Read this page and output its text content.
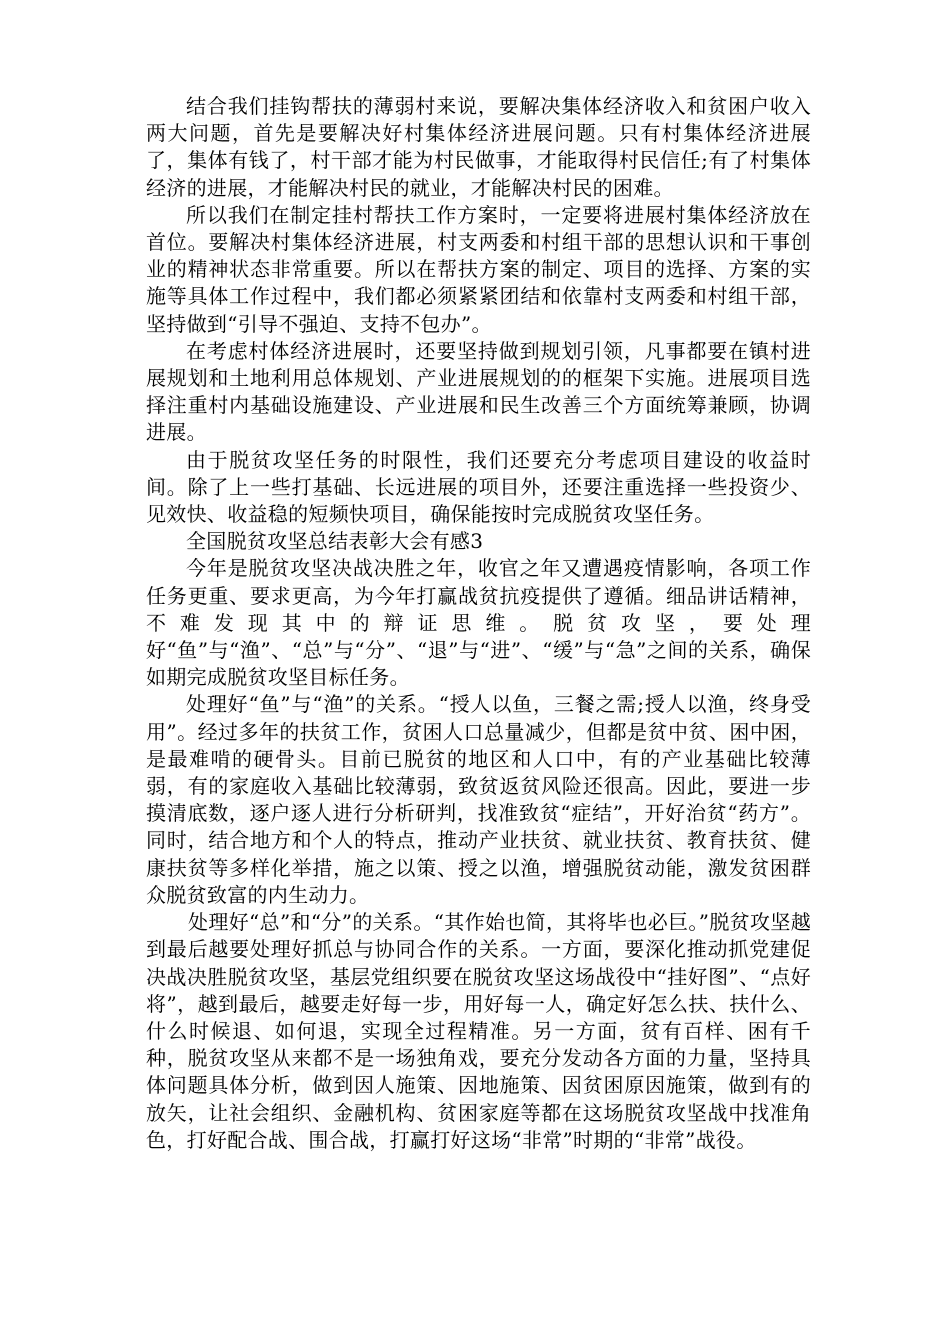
结合我们挂钩帮扶的薄弱村来说，要解决集体经济收入和贫困户收入两大问题，首先是要解决好村集体经济进展问题。只有村集体经济进展了，集体有钱了，村干部才能为村民做事，才能取得村民信任;有了村集体经济的进展，才能解决村民的就业，才能解决村民的困难。

所以我们在制定挂村帮扶工作方案时，一定要将进展村集体经济放在首位。要解决村集体经济进展，村支两委和村组干部的思想认识和干事创业的精神状态非常重要。所以在帮扶方案的制定、项目的选择、方案的实施等具体工作过程中，我们都必须紧紧团结和依靠村支两委和村组干部，坚持做到“引导不强迫、支持不包办”。

在考虑村体经济进展时，还要坚持做到规划引领，凡事都要在镇村进展规划和土地利用总体规划、产业进展规划的的框架下实施。进展项目选择注重村内基础设施建设、产业进展和民生改善三个方面统筹兼顾，协调进展。

由于脱贫攻坚任务的时限性，我们还要充分考虑项目建设的收益时间。除了上一些打基础、长远进展的项目外，还要注重选择一些投资少、见效快、收益稳的短频快项目，确保能按时完成脱贫攻坚任务。

全国脱贫攻坚总结表彰大会有感3

今年是脱贫攻坚决战决胜之年，收官之年又遭遇疫情影响，各项工作任务更重、要求更高，为今年打赢战贫抗疫提供了遵循。细品讲话精神，不难发现其中的辩证思维。脱贫攻坚，要处理好“鱼”与“渔”、“总”与“分”、“退”与“进”、“缓”与“急”之间的关系，确保如期完成脱贫攻坚目标任务。

处理好“鱼”与“渔”的关系。“授人以鱼，三餐之需;授人以渔，终身受用”。经过多年的扶贫工作，贫困人口总量减少，但都是贫中贫、困中困，是最难啃的硬骨头。目前已脱贫的地区和人口中，有的产业基础比较薄弱，有的家庭收入基础比较薄弱，致贫返贫风险还很高。因此，要进一步摸清底数，逐户逐人进行分析研判，找准致贫“症结”，开好治贫“药方”。同时，结合地方和个人的特点，推动产业扶贫、就业扶贫、教育扶贫、健康扶贫等多样化举措，施之以策、授之以渔，增强脱贫动能，激发贫困群众脱贫致富的内生动力。

处理好“总”和“分”的关系。“其作始也简，其将毕也必巨。”脱贫攻坚越到最后越要处理好抓总与协同合作的关系。一方面，要深化推动抓党建促决战决胜脱贫攻坚，基层党组织要在脱贫攻坚这场战役中“挂好图”、“点好将”，越到最后，越要走好每一步，用好每一人，确定好怎么扶、扶什么、什么时候退、如何退，实现全过程精准。另一方面，贫有百样、困有千种，脱贫攻坚从来都不是一场独角戏，要充分发动各方面的力量，坚持具体问题具体分析，做到因人施策、因地施策、因贫困原因施策，做到有的放矢，让社会组织、金融机构、贫困家庭等都在这场脱贫攻坚战中找准角色，打好配合战、围合战，打赢打好这场“非常”时期的“非常”战役。
